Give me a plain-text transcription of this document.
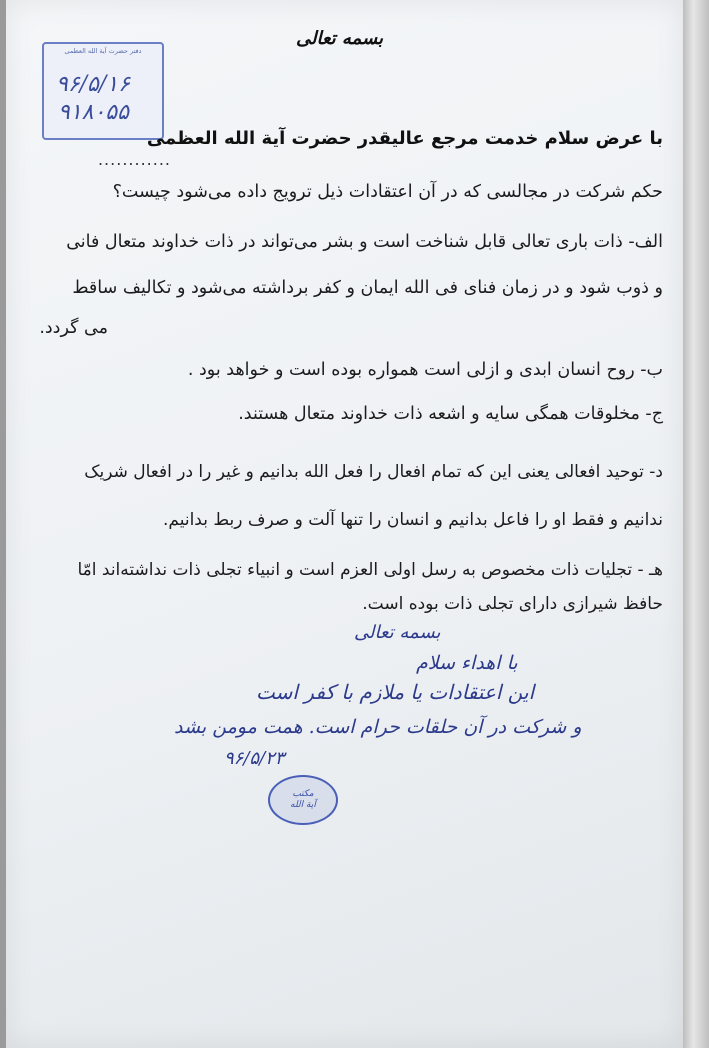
بسمه تعالی
دفتر حضرت آیة الله العظمی
۹۶/۵/۱۶
۹۱۸۰۵۵
با عرض سلام خدمت مرجع عالیقدر حضرت آیة الله العظمی
............
حکم شرکت در مجالسی که در آن اعتقادات ذیل ترویج داده می‌شود چیست؟
الف- ذات باری تعالی قابل شناخت است و بشر می‌تواند در ذات خداوند متعال فانی
و ذوب شود و در زمان فنای فی الله ایمان و کفر برداشته می‌شود و تکالیف ساقط
می گردد.
ب- روح انسان ابدی و ازلی است همواره بوده است و خواهد بود .
ج- مخلوقات همگی سایه و اشعه ذات خداوند متعال هستند.
د- توحید افعالی یعنی این که تمام افعال را فعل الله بدانیم و غیر را در افعال شریک
ندانیم و فقط او را فاعل بدانیم و انسان را تنها آلت و صرف ربط بدانیم.
هـ - تجلیات ذات مخصوص به رسل اولی العزم است و انبیاء تجلی ذات نداشته‌اند امّا
حافظ شیرازی دارای تجلی ذات بوده است.
بسمه تعالی
با اهداء سلام
این اعتقادات یا ملازم با کفر است
و شرکت در آن حلقات حرام است. همت مومن بشد
۹۶/۵/۲۳
مکتب
آیة الله
